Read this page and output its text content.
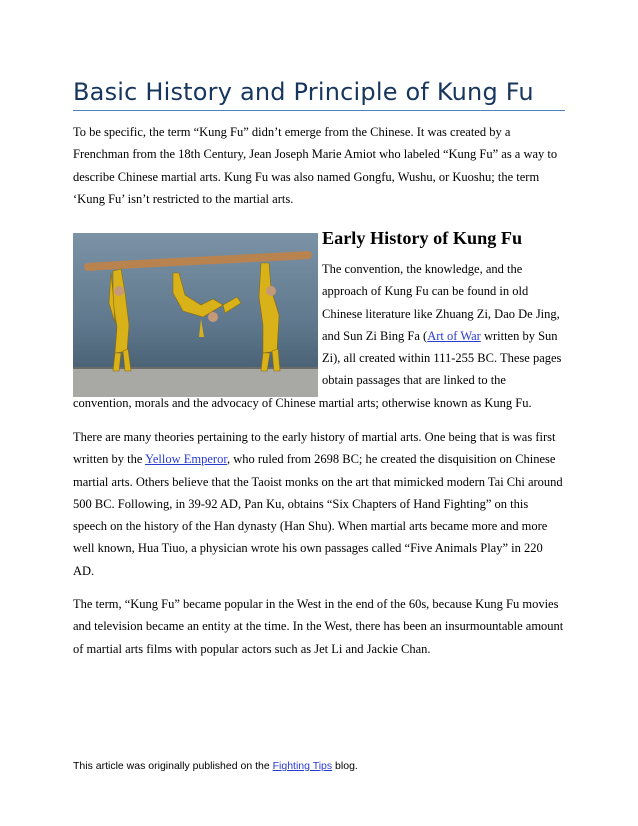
Basic History and Principle of Kung Fu

To be specific, the term “Kung Fu” didn’t emerge from the Chinese. It was created by a Frenchman from the 18th Century, Jean Joseph Marie Amiot who labeled “Kung Fu” as a way to describe Chinese martial arts. Kung Fu was also named Gongfu, Wushu, or Kuoshu; the term ‘Kung Fu’ isn’t restricted to the martial arts.

Early History of Kung Fu

The convention, the knowledge, and the approach of Kung Fu can be found in old Chinese literature like Zhuang Zi, Dao De Jing, and Sun Zi Bing Fa (Art of War written by Sun Zi), all created within 111-255 BC. These pages obtain passages that are linked to the

convention, morals and the advocacy of Chinese martial arts; otherwise known as Kung Fu.

There are many theories pertaining to the early history of martial arts. One being that is was first written by the Yellow Emperor, who ruled from 2698 BC; he created the disquisition on Chinese martial arts. Others believe that the Taoist monks on the art that mimicked modern Tai Chi around 500 BC. Following, in 39-92 AD, Pan Ku, obtains “Six Chapters of Hand Fighting” on this speech on the history of the Han dynasty (Han Shu). When martial arts became more and more well known, Hua Tiuo, a physician wrote his own passages called “Five Animals Play” in 220 AD.

The term, “Kung Fu” became popular in the West in the end of the 60s, because Kung Fu movies and television became an entity at the time. In the West, there has been an insurmountable amount of martial arts films with popular actors such as Jet Li and Jackie Chan.

This article was originally published on the Fighting Tips blog.
